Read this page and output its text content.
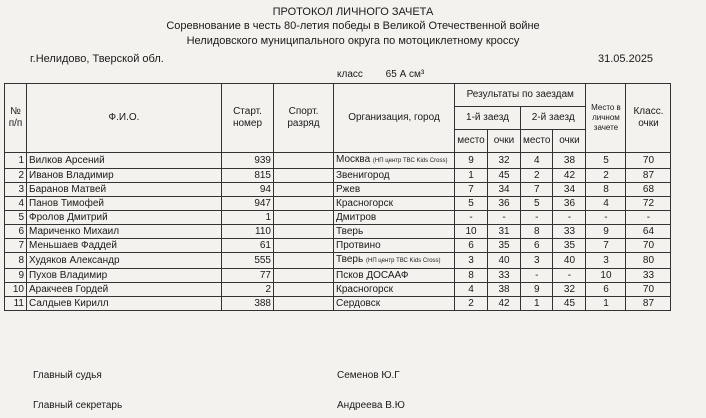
ПРОТОКОЛ ЛИЧНОГО ЗАЧЕТА
Соревнование в честь 80-летия победы в Великой Отечественной войне
Нелидовского муниципального округа по мотоциклетному кроссу
г.Нелидово, Тверской обл.	31.05.2025
класс 65 А см³
№ п/п	Ф.И.О.	Старт. номер	Спорт. разряд	Организация, город	Результаты по заездам				Место в личном зачете	Класс. очки
					1-й заезд		2-й заезд			
					место	очки	место	очки		
1	Вилков Арсений	939		Москва (НП центр ТВС Kids Cross)	9	32	4	38	5	70
2	Иванов Владимир	815		Звенигород	1	45	2	42	2	87
3	Баранов Матвей	94		Ржев	7	34	7	34	8	68
4	Панов Тимофей	947		Красногорск	5	36	5	36	4	72
5	Фролов Дмитрий	1		Дмитров	-	-	-	-	-	-
6	Мариченко Михаил	110		Тверь	10	31	8	33	9	64
7	Меньшаев Фаддей	61		Протвино	6	35	6	35	7	70
8	Худяков Александр	555		Тверь (НП центр ТВС Kids Cross)	3	40	3	40	3	80
9	Пухов Владимир	77		Псков ДОСААФ	8	33	-	-	10	33
10	Аракчеев Гордей	2		Красногорск	4	38	9	32	6	70
11	Салдыев Кирилл	388		Сердовск	2	42	1	45	1	87
Главный судья	Семенов Ю.Г
Главный секретарь	Андреева В.Ю
